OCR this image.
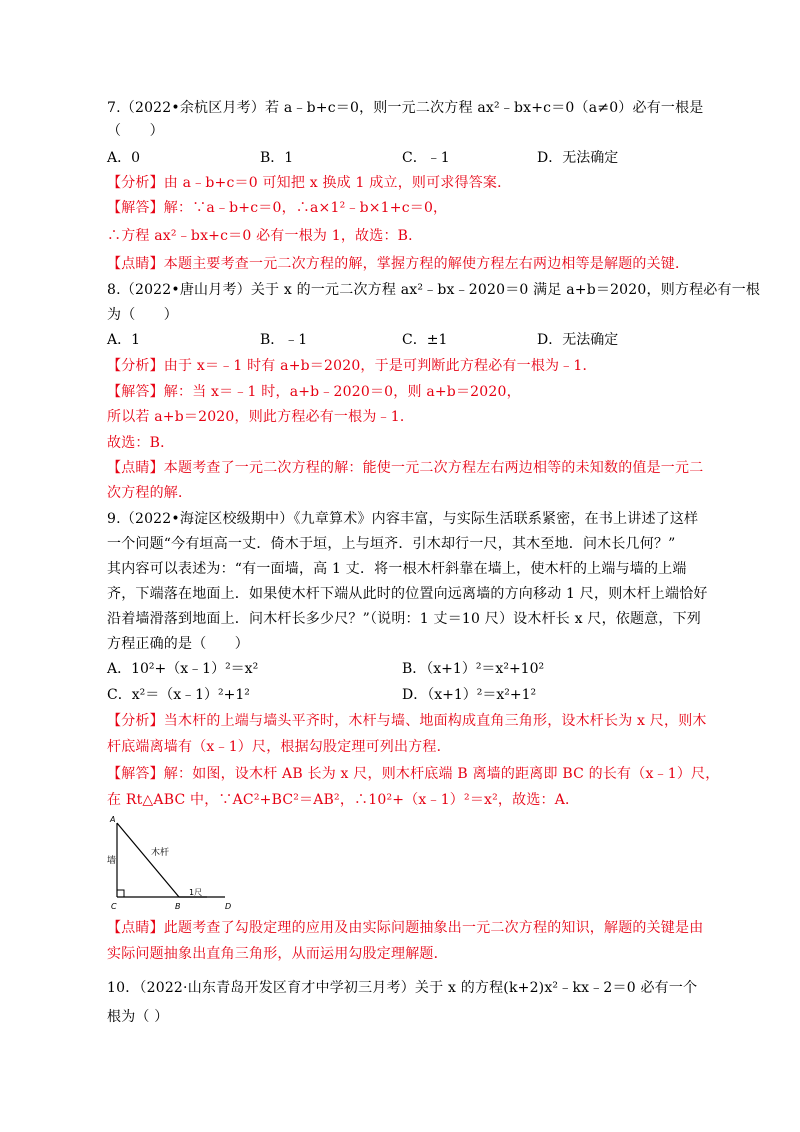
7.（2022•余杭区月考）若 a﹣b+c＝0，则一元二次方程 ax²﹣bx+c＝0（a≠0）必有一根是
（　　）
A．0	B．1	C．﹣1	D．无法确定
【分析】由 a﹣b+c＝0 可知把 x 换成 1 成立，则可求得答案．
【解答】解：∵a﹣b+c＝0，∴a×1²﹣b×1+c＝0，
∴方程 ax²﹣bx+c＝0 必有一根为 1，故选：B．
【点睛】本题主要考查一元二次方程的解，掌握方程的解使方程左右两边相等是解题的关键．
8.（2022•唐山月考）关于 x 的一元二次方程 ax²﹣bx﹣2020＝0 满足 a+b＝2020，则方程必有一根
为（　　）
A．1	B．﹣1	C．±1	D．无法确定
【分析】由于 x＝﹣1 时有 a+b＝2020，于是可判断此方程必有一根为﹣1．
【解答】解：当 x＝﹣1 时，a+b﹣2020＝0，则 a+b＝2020，
所以若 a+b＝2020，则此方程必有一根为﹣1．
故选：B．
【点睛】本题考查了一元二次方程的解：能使一元二次方程左右两边相等的未知数的值是一元二
次方程的解．
9.（2022•海淀区校级期中）《九章算术》内容丰富，与实际生活联系紧密，在书上讲述了这样
一个问题“今有垣高一丈．倚木于垣，上与垣齐．引木却行一尺，其木至地．问木长几何？”
其内容可以表述为：“有一面墙，高 1 丈．将一根木杆斜靠在墙上，使木杆的上端与墙的上端
齐，下端落在地面上．如果使木杆下端从此时的位置向远离墙的方向移动 1 尺，则木杆上端恰好
沿着墙滑落到地面上．问木杆长多少尺？”（说明：1 丈＝10 尺）设木杆长 x 尺，依题意，下列
方程正确的是（　　）
A．10²+（x﹣1）²＝x²	B．（x+1）²＝x²+10²
C．x²＝（x﹣1）²+1²	D．（x+1）²＝x²+1²
【分析】当木杆的上端与墙头平齐时，木杆与墙、地面构成直角三角形，设木杆长为 x 尺，则木
杆底端离墙有（x﹣1）尺，根据勾股定理可列出方程．
【解答】解：如图，设木杆 AB 长为 x 尺，则木杆底端 B 离墙的距离即 BC 的长有（x﹣1）尺，
在 Rt△ABC 中，∵AC²+BC²＝AB²，∴10²+（x﹣1）²＝x²，故选：A．
A
C	B	D
墙
木杆
1尺
【点睛】此题考查了勾股定理的应用及由实际问题抽象出一元二次方程的知识，解题的关键是由
实际问题抽象出直角三角形，从而运用勾股定理解题．
10．（2022·山东青岛开发区育才中学初三月考）关于 x 的方程(k+2)x²﹣kx﹣2＝0 必有一个
根为（ ）
